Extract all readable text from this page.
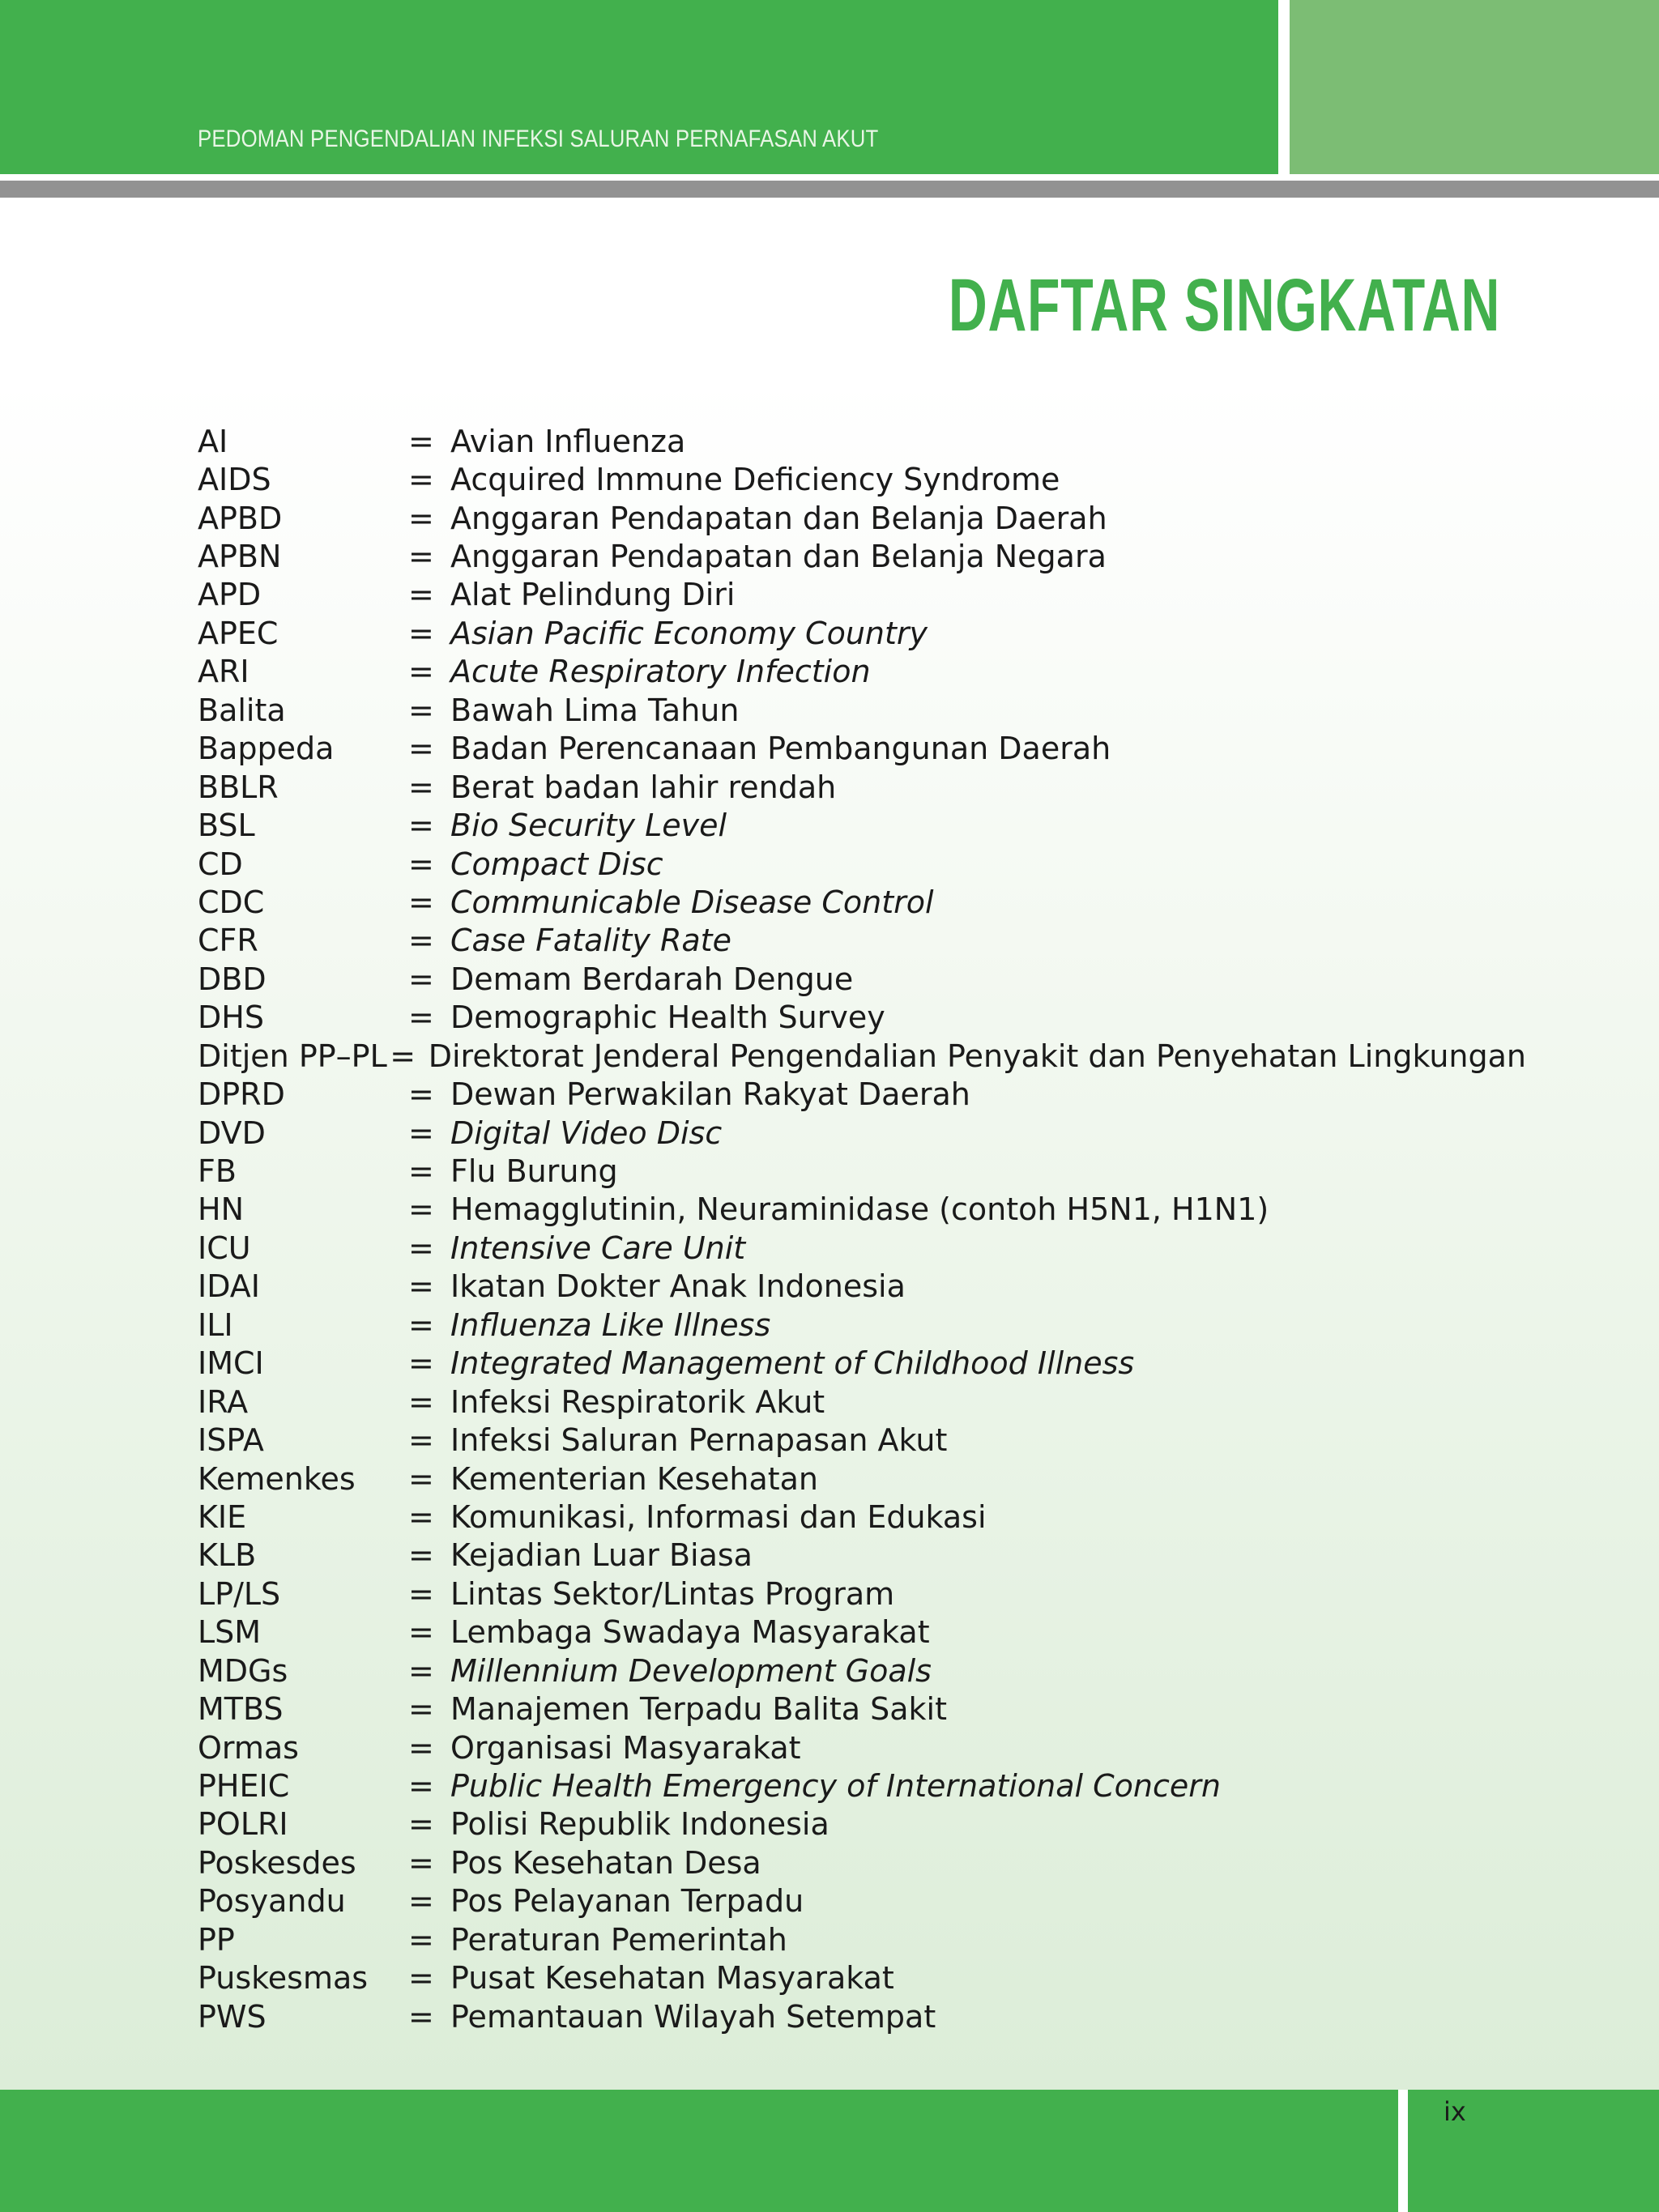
PEDOMAN PENGENDALIAN INFEKSI SALURAN PERNAFASAN AKUT
DAFTAR SINGKATAN
AI	= Avian Influenza
AIDS	= Acquired Immune Deficiency Syndrome
APBD	= Anggaran Pendapatan dan Belanja Daerah
APBN	= Anggaran Pendapatan dan Belanja Negara
APD	= Alat Pelindung Diri
APEC	= Asian Pacific Economy Country
ARI	= Acute Respiratory Infection
Balita	= Bawah Lima Tahun
Bappeda	= Badan Perencanaan Pembangunan Daerah
BBLR	= Berat badan lahir rendah
BSL	= Bio Security Level
CD	= Compact Disc
CDC	= Communicable Disease Control
CFR	= Case Fatality Rate
DBD	= Demam Berdarah Dengue
DHS	= Demographic Health Survey
Ditjen PP–PL = Direktorat Jenderal Pengendalian Penyakit dan Penyehatan Lingkungan
DPRD	= Dewan Perwakilan Rakyat Daerah
DVD	= Digital Video Disc
FB	= Flu Burung
HN	= Hemagglutinin, Neuraminidase (contoh H5N1, H1N1)
ICU	= Intensive Care Unit
IDAI	= Ikatan Dokter Anak Indonesia
ILI	= Influenza Like Illness
IMCI	= Integrated Management of Childhood Illness
IRA	= Infeksi Respiratorik Akut
ISPA	= Infeksi Saluran Pernapasan Akut
Kemenkes	= Kementerian Kesehatan
KIE	= Komunikasi, Informasi dan Edukasi
KLB	= Kejadian Luar Biasa
LP/LS	= Lintas Sektor/Lintas Program
LSM	= Lembaga Swadaya Masyarakat
MDGs	= Millennium Development Goals
MTBS	= Manajemen Terpadu Balita Sakit
Ormas	= Organisasi Masyarakat
PHEIC	= Public Health Emergency of International Concern
POLRI	= Polisi Republik Indonesia
Poskesdes	= Pos Kesehatan Desa
Posyandu	= Pos Pelayanan Terpadu
PP	= Peraturan Pemerintah
Puskesmas	= Pusat Kesehatan Masyarakat
PWS	= Pemantauan Wilayah Setempat
ix
